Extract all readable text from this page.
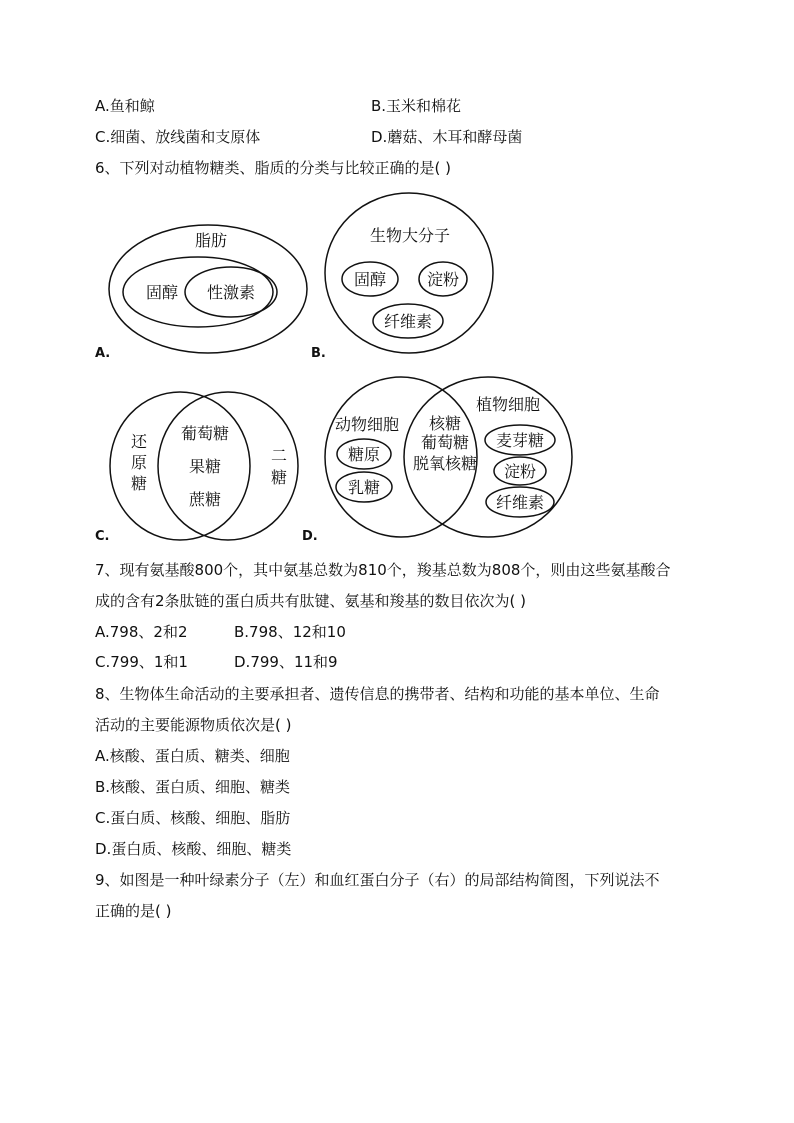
A.鱼和鲸	B.玉米和棉花
C.细菌、放线菌和支原体	D.蘑菇、木耳和酵母菌
6、下列对动植物糖类、脂质的分类与比较正确的是( )
脂肪
固醇 性激素
A.
生物大分子
固醇	淀粉
纤维素
B.
还
原
糖
二
糖
葡萄糖
果糖
蔗糖
C.
动物细胞
糖原
乳糖
核糖
葡萄糖
脱氧核糖
植物细胞
麦芽糖
淀粉
纤维素
D.
7、现有氨基酸800个，其中氨基总数为810个，羧基总数为808个，则由这些氨基酸合
成的含有2条肽链的蛋白质共有肽键、氨基和羧基的数目依次为( )
A.798、2和2	B.798、12和10
C.799、1和1	D.799、11和9
8、生物体生命活动的主要承担者、遗传信息的携带者、结构和功能的基本单位、生命
活动的主要能源物质依次是( )
A.核酸、蛋白质、糖类、细胞
B.核酸、蛋白质、细胞、糖类
C.蛋白质、核酸、细胞、脂肪
D.蛋白质、核酸、细胞、糖类
9、如图是一种叶绿素分子（左）和血红蛋白分子（右）的局部结构简图，下列说法不
正确的是( )
